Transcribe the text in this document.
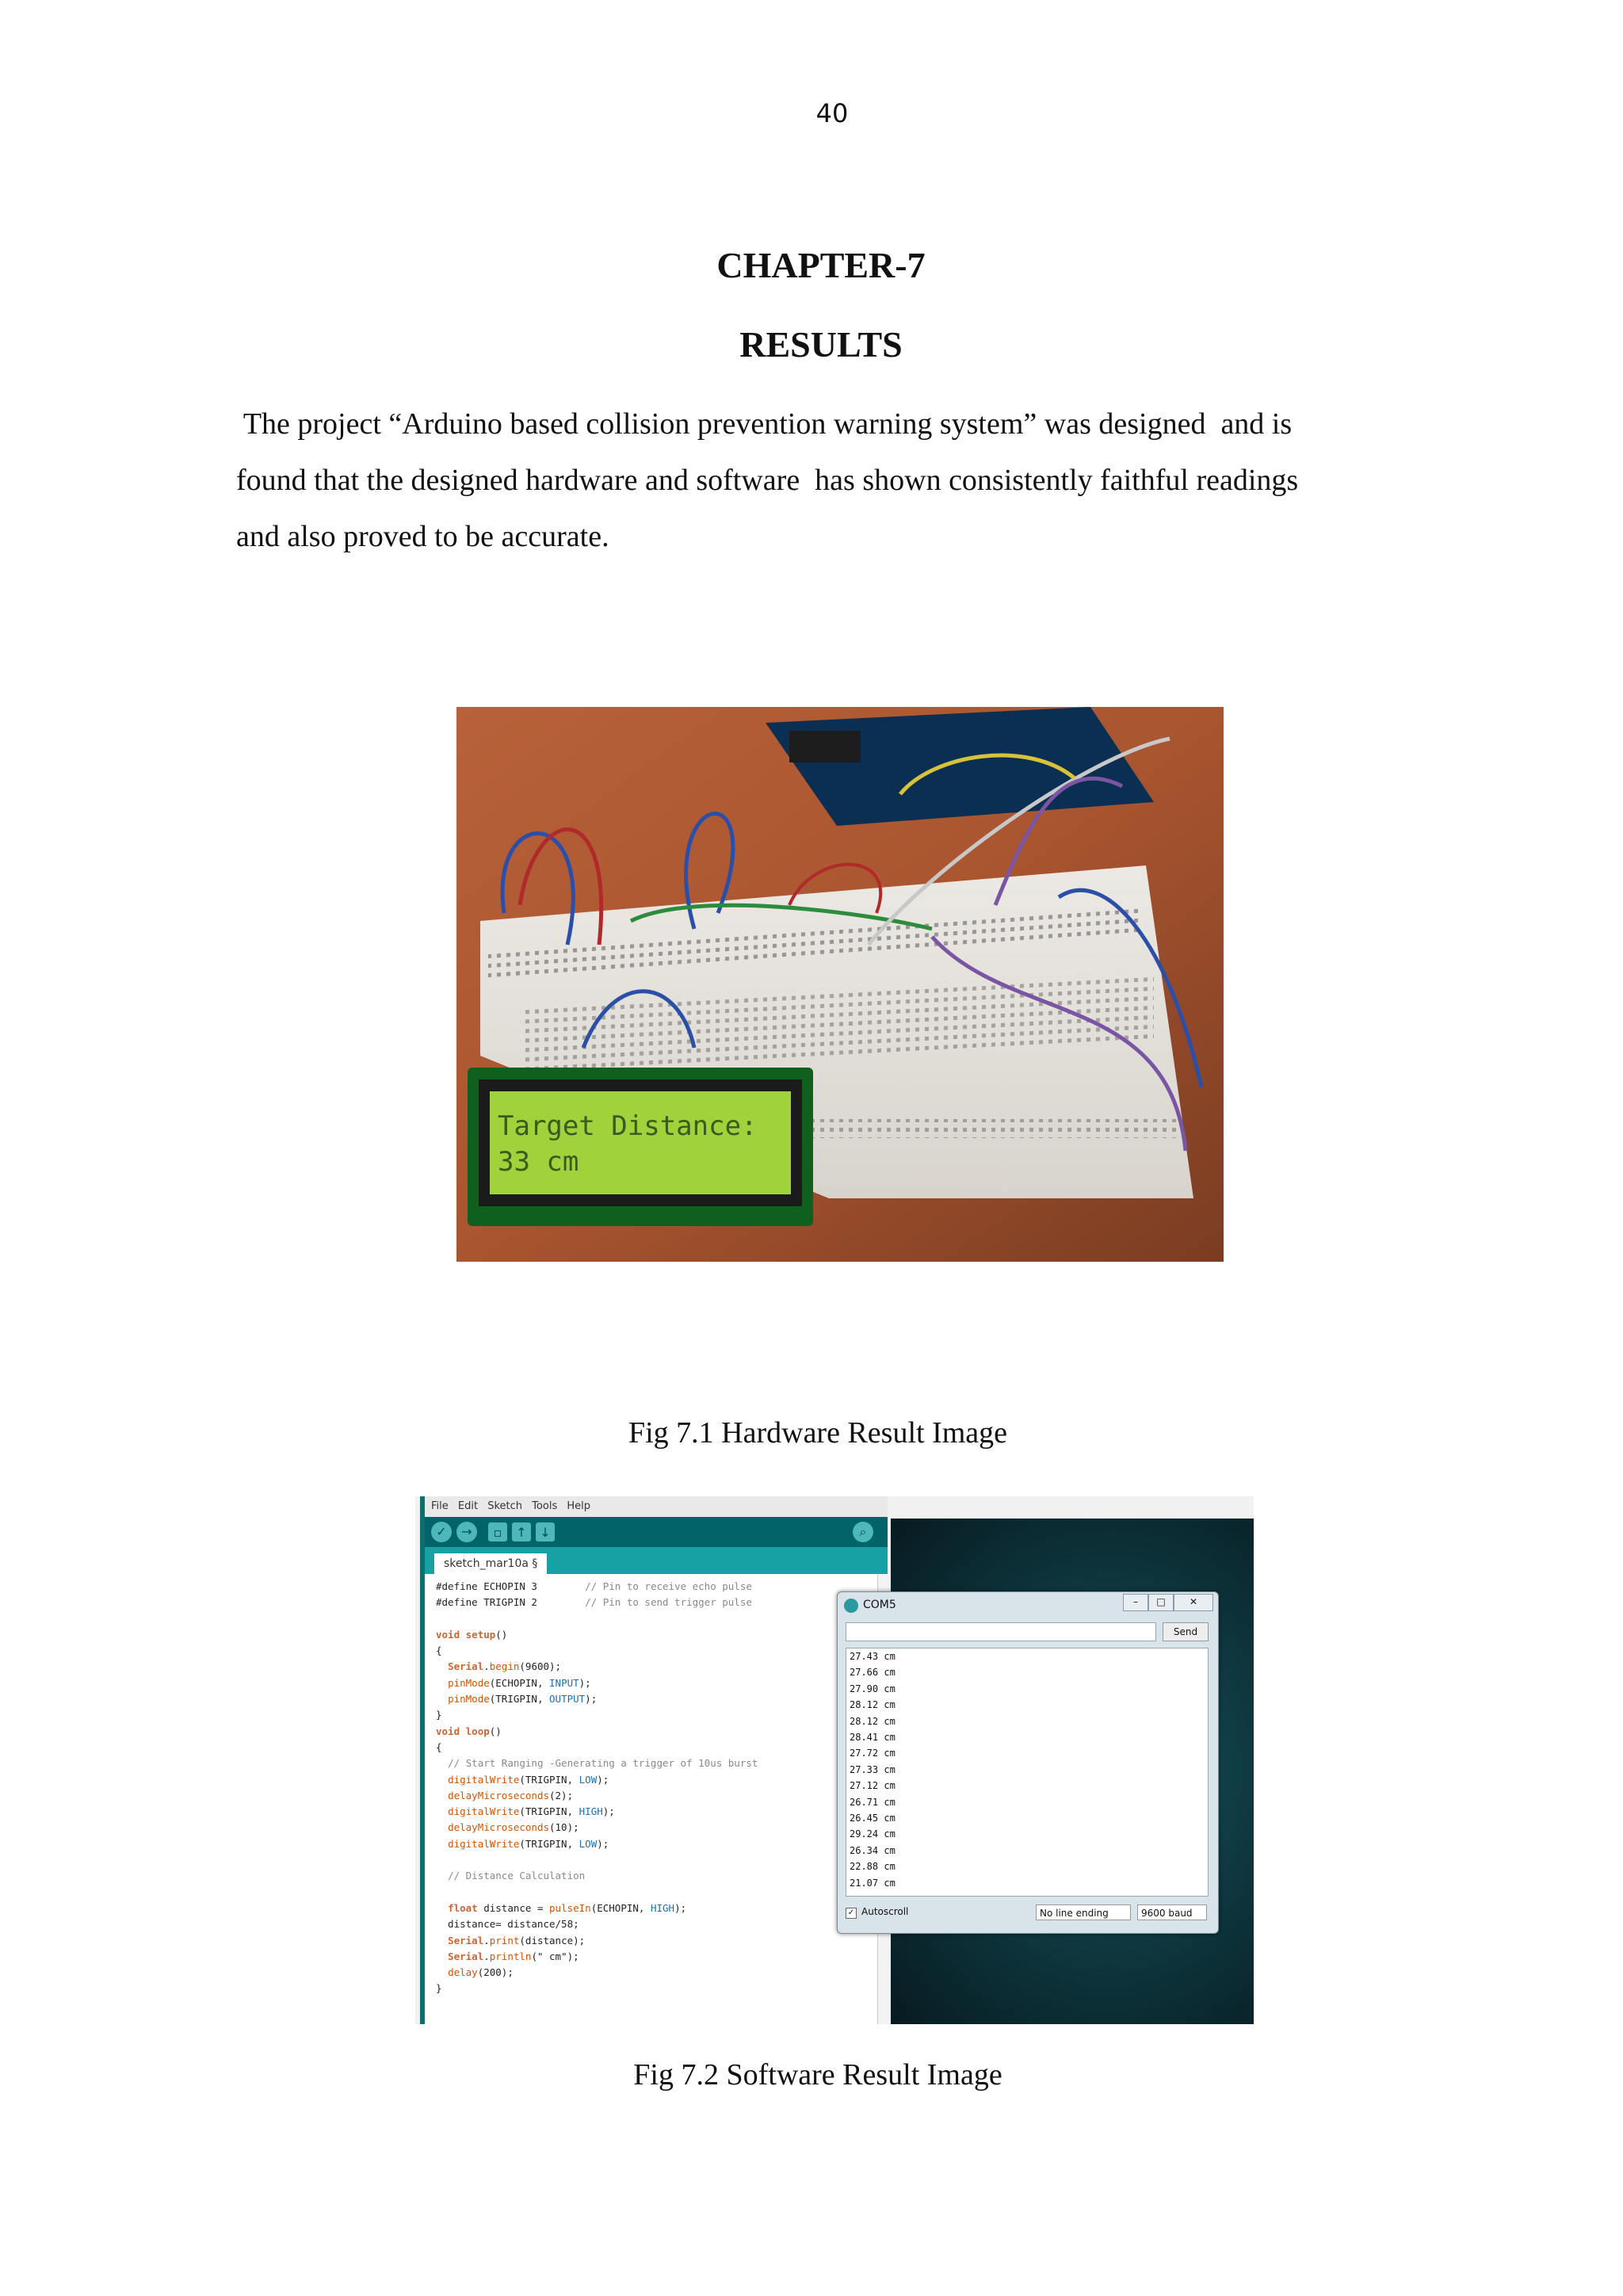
40
CHAPTER-7
RESULTS
The project “Arduino based collision prevention warning system” was designed  and is
found that the designed hardware and software  has shown consistently faithful readings
and also proved to be accurate.
Target Distance:
33 cm
Fig 7.1 Hardware Result Image
File Edit Sketch Tools Help
✓	→	▫	↑	↓	⌕
sketch_mar10a §
#define ECHOPIN 3        // Pin to receive echo pulse
#define TRIGPIN 2	// Pin to send trigger pulse

void setup()
{
Serial.begin(9600);
pinMode(ECHOPIN, INPUT);
pinMode(TRIGPIN, OUTPUT);
}
void loop()
{
// Start Ranging -Generating a trigger of 10us burst
digitalWrite(TRIGPIN, LOW);
delayMicroseconds(2);
digitalWrite(TRIGPIN, HIGH);
delayMicroseconds(10);
digitalWrite(TRIGPIN, LOW);

// Distance Calculation

float distance = pulseIn(ECHOPIN, HIGH);
distance= distance/58;
Serial.print(distance);
Serial.println(" cm");
delay(200);
}
COM5	–	□	✕
Send
27.43 cm
27.66 cm
27.90 cm
28.12 cm
28.12 cm
28.41 cm
27.72 cm
27.33 cm
27.12 cm
26.71 cm
26.45 cm
29.24 cm
26.34 cm
22.88 cm
21.07 cm
✓ Autoscroll	No line ending	9600 baud
Fig 7.2 Software Result Image
